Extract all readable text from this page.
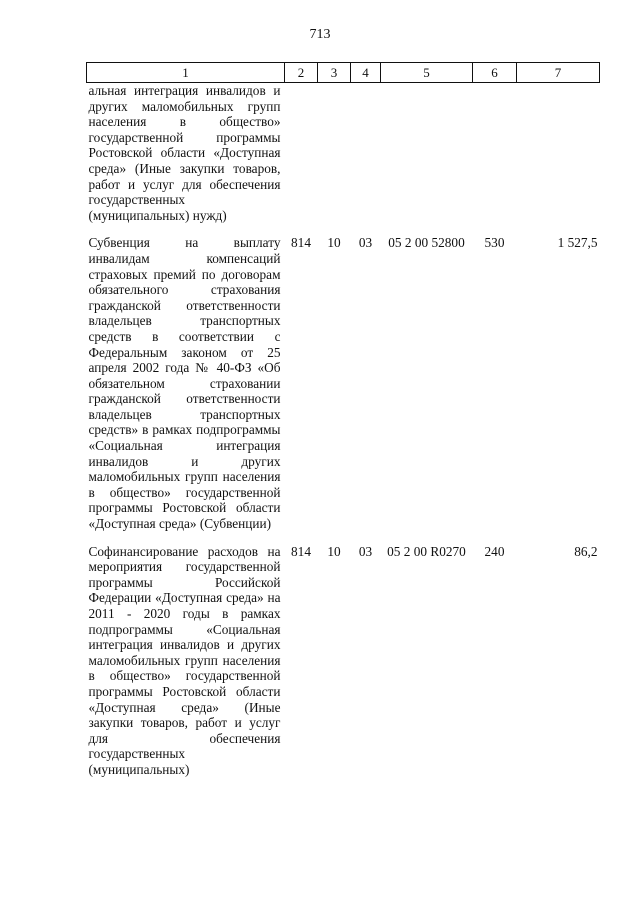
713
1	2	3	4	5	6	7
альная интеграция инвалидов и других маломобильных групп населения в общество» государственной программы Ростовской области «Доступная среда» (Иные закупки товаров, работ и услуг для обеспечения государственных (муниципальных) нужд)						
Субвенция на выплату инвалидам компенсаций страховых премий по договорам обязательного страхования гражданской ответственности владельцев транспортных средств в соответствии с Федеральным законом от 25 апреля 2002 года № 40-ФЗ «Об обязательном страховании гражданской ответственности владельцев транспортных средств» в рамках подпрограммы «Социальная интеграция инвалидов и других маломобильных групп населения в общество» государственной программы Ростовской области «Доступная среда» (Субвенции)	814	10	03	05 2 00 52800	530	1 527,5
Софинансирование расходов на мероприятия государственной программы Российской Федерации «Доступная среда» на 2011 - 2020 годы в рамках подпрограммы «Социальная интеграция инвалидов и других маломобильных групп населения в общество» государственной программы Ростовской области «Доступная среда» (Иные закупки товаров, работ и услуг для обеспечения государственных (муниципальных)	814	10	03	05 2 00 R0270	240	86,2
